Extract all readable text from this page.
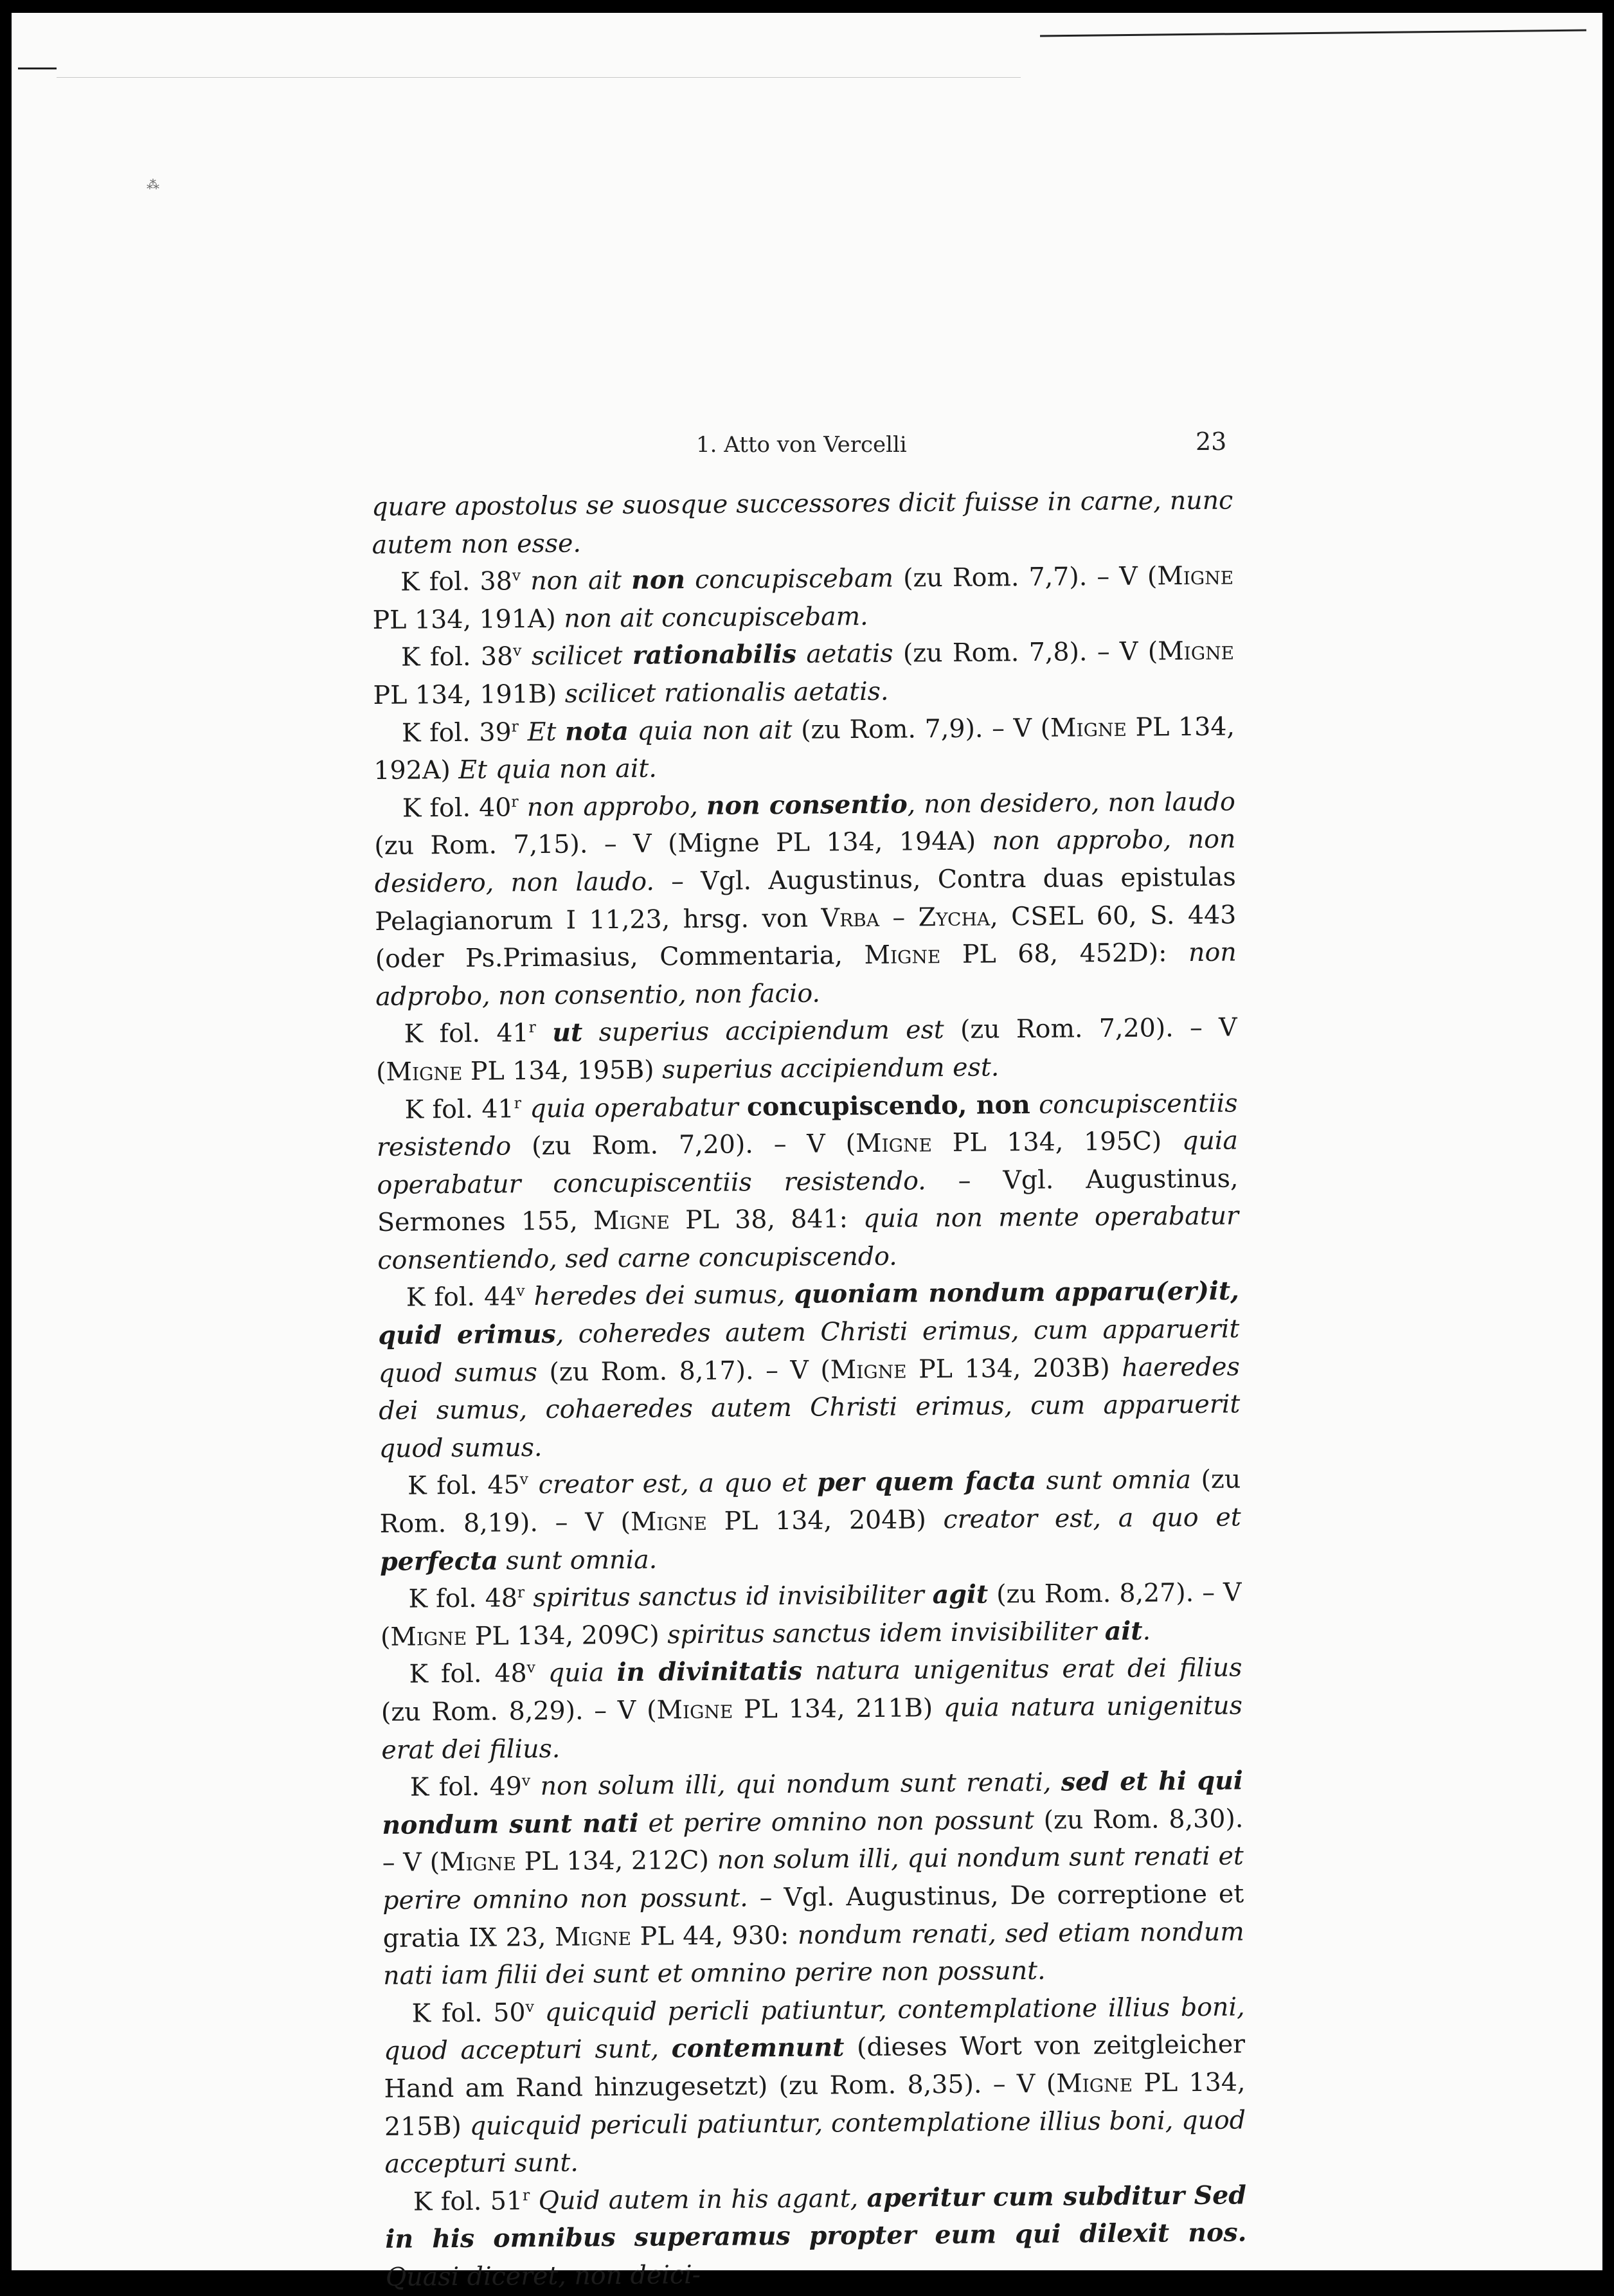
⁂
1. Atto von Vercelli	23

quare apostolus se suosque successores dicit fuisse in carne, nunc autem non esse.

K fol. 38$^v$ non ait non concupiscebam (zu Rom. 7,7). – V (Migne PL 134, 191A) non ait concupiscebam.

K fol. 38$^v$ scilicet rationabilis aetatis (zu Rom. 7,8). – V (Migne PL 134, 191B) scilicet rationalis aetatis.

K fol. 39$^r$ Et nota quia non ait (zu Rom. 7,9). – V (Migne PL 134, 192A) Et quia non ait.

K fol. 40$^r$ non approbo, non consentio, non desidero, non laudo (zu Rom. 7,15). – V (Migne PL 134, 194A) non approbo, non desidero, non laudo. – Vgl. Augustinus, Contra duas epistulas Pelagianorum I 11,23, hrsg. von Vrba – Zycha, CSEL 60, S. 443 (oder Ps.Primasius, Commentaria, Migne PL 68, 452D): non adprobo, non consentio, non facio.

K fol. 41$^r$ ut superius accipiendum est (zu Rom. 7,20). – V (Migne PL 134, 195B) superius accipiendum est.

K fol. 41$^r$ quia operabatur concupiscendo, non concupiscentiis resistendo (zu Rom. 7,20). – V (Migne PL 134, 195C) quia operabatur concupiscentiis resistendo. – Vgl. Augustinus, Sermones 155, Migne PL 38, 841: quia non mente operabatur consentiendo, sed carne concupiscendo.

K fol. 44$^v$ heredes dei sumus, quoniam nondum apparu(er)it, quid erimus, coheredes autem Christi erimus, cum apparuerit quod sumus (zu Rom. 8,17). – V (Migne PL 134, 203B) haeredes dei sumus, cohaeredes autem Christi erimus, cum apparuerit quod sumus.

K fol. 45$^v$ creator est, a quo et per quem facta sunt omnia (zu Rom. 8,19). – V (Migne PL 134, 204B) creator est, a quo et perfecta sunt omnia.

K fol. 48$^r$ spiritus sanctus id invisibiliter agit (zu Rom. 8,27). – V (Migne PL 134, 209C) spiritus sanctus idem invisibiliter ait.

K fol. 48$^v$ quia in divinitatis natura unigenitus erat dei filius (zu Rom. 8,29). – V (Migne PL 134, 211B) quia natura unigenitus erat dei filius.

K fol. 49$^v$ non solum illi, qui nondum sunt renati, sed et hi qui nondum sunt nati et perire omnino non possunt (zu Rom. 8,30). – V (Migne PL 134, 212C) non solum illi, qui nondum sunt renati et perire omnino non possunt. – Vgl. Augustinus, De correptione et gratia IX 23, Migne PL 44, 930: nondum renati, sed etiam nondum nati iam filii dei sunt et omnino perire non possunt.

K fol. 50$^v$ quicquid pericli patiuntur, contemplatione illius boni, quod accepturi sunt, contemnunt (dieses Wort von zeitgleicher Hand am Rand hinzugesetzt) (zu Rom. 8,35). – V (Migne PL 134, 215B) quicquid periculi patiuntur, contemplatione illius boni, quod accepturi sunt.

K fol. 51$^r$ Quid autem in his agant, aperitur cum subditur Sed in his omnibus superamus propter eum qui dilexit nos. Quasi diceret, non deici-
